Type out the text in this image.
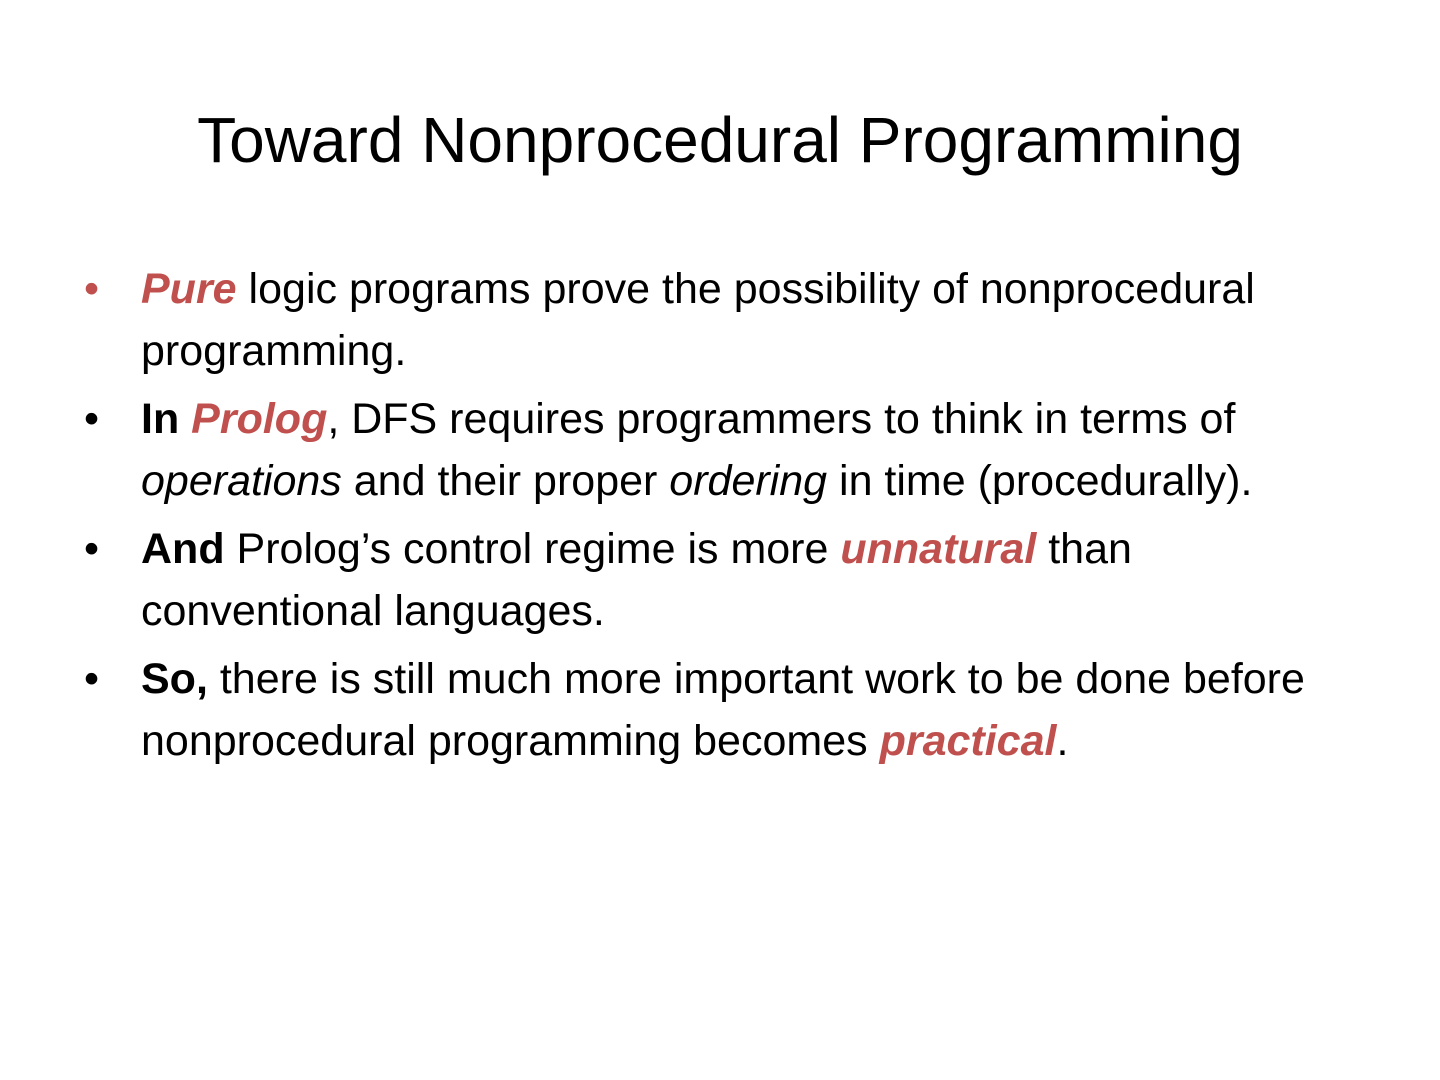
Toward Nonprocedural Programming
• Pure logic programs prove the possibility of nonprocedural programming.
• In Prolog, DFS requires programmers to think in terms of operations and their proper ordering in time (procedurally).
• And Prolog’s control regime is more unnatural than conventional languages.
• So, there is still much more important work to be done before nonprocedural programming becomes practical.
